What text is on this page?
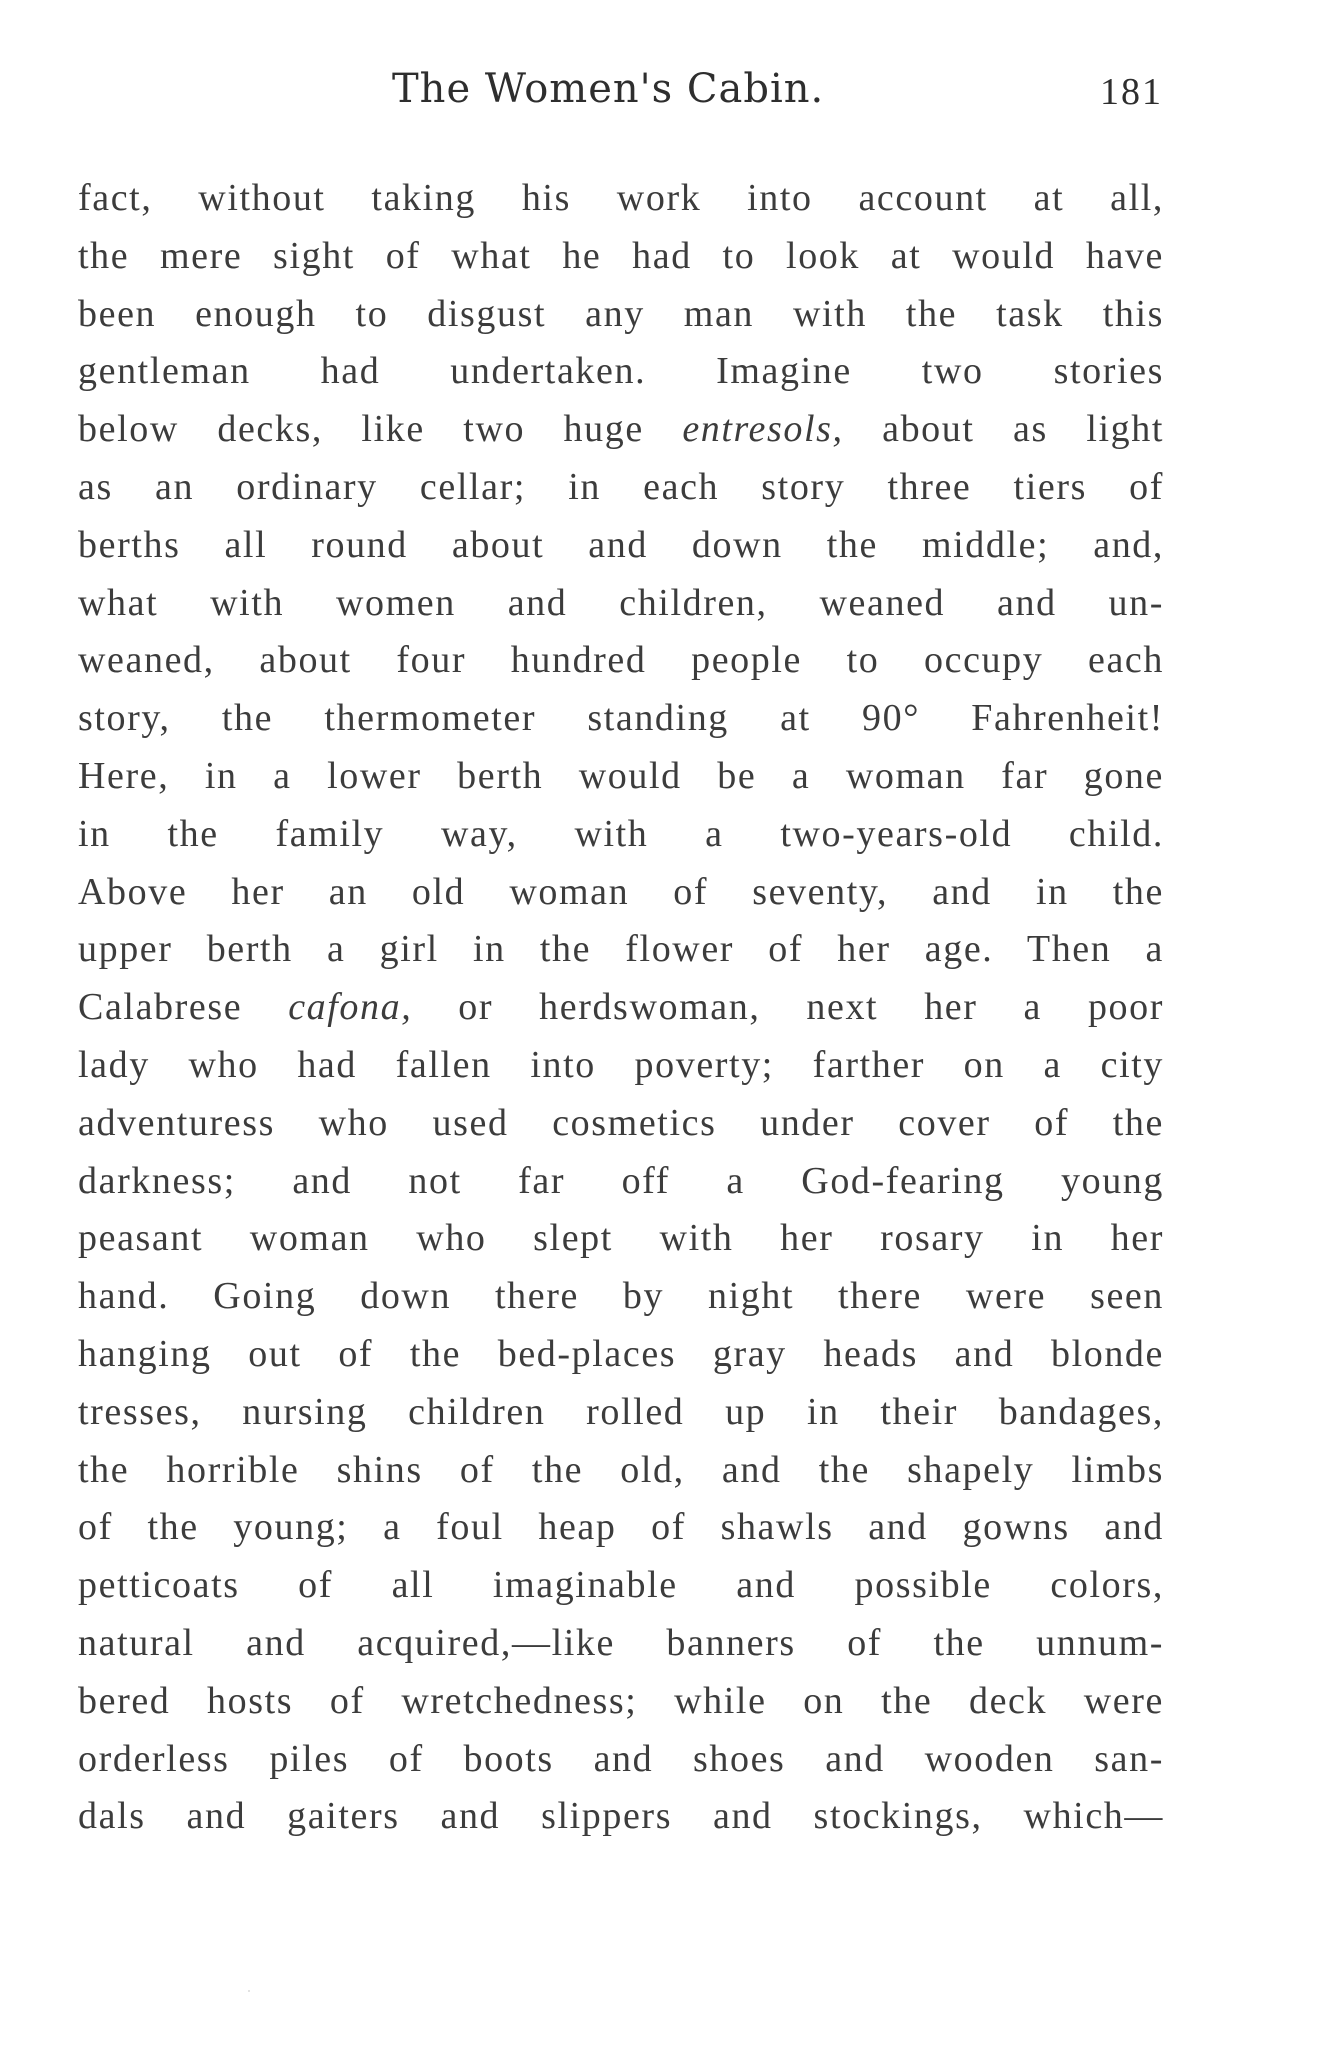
The Women's Cabin.	181
fact, without taking his work into account at all,
the mere sight of what he had to look at would have
been enough to disgust any man with the task this
gentleman had undertaken. Imagine two stories
below decks, like two huge entresols, about as light
as an ordinary cellar; in each story three tiers of
berths all round about and down the middle; and,
what with women and children, weaned and un-
weaned, about four hundred people to occupy each
story, the thermometer standing at 90° Fahrenheit!
Here, in a lower berth would be a woman far gone
in the family way, with a two-years-old child.
Above her an old woman of seventy, and in the
upper berth a girl in the flower of her age. Then a
Calabrese cafona, or herdswoman, next her a poor
lady who had fallen into poverty; farther on a city
adventuress who used cosmetics under cover of the
darkness; and not far off a God-fearing young
peasant woman who slept with her rosary in her
hand. Going down there by night there were seen
hanging out of the bed-places gray heads and blonde
tresses, nursing children rolled up in their bandages,
the horrible shins of the old, and the shapely limbs
of the young; a foul heap of shawls and gowns and
petticoats of all imaginable and possible colors,
natural and acquired,—like banners of the unnum-
bered hosts of wretchedness; while on the deck were
orderless piles of boots and shoes and wooden san-
dals and gaiters and slippers and stockings, which—
